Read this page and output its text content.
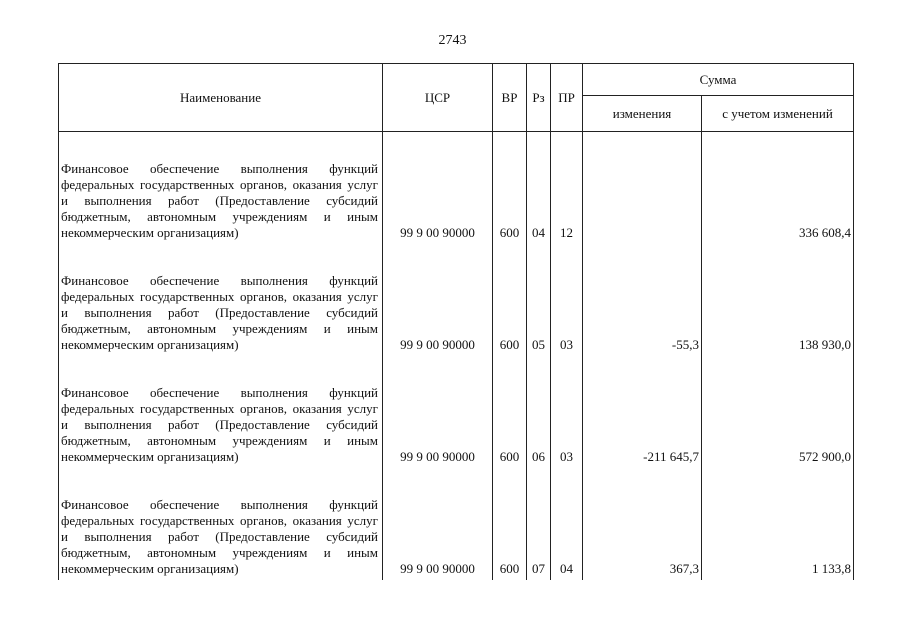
2743
Наименование	ЦСР	ВР	Рз	ПР	Сумма	
					изменения	с учетом изменений
Финансовое обеспечение выполнения функций федеральных государственных органов, оказания услуг и выполнения работ (Предоставление субсидий бюджетным, автономным учреждениям и иным некоммерческим организациям)	99 9 00 90000	600	04	12		336 608,4
Финансовое обеспечение выполнения функций федеральных государственных органов, оказания услуг и выполнения работ (Предоставление субсидий бюджетным, автономным учреждениям и иным некоммерческим организациям)	99 9 00 90000	600	05	03	-55,3	138 930,0
Финансовое обеспечение выполнения функций федеральных государственных органов, оказания услуг и выполнения работ (Предоставление субсидий бюджетным, автономным учреждениям и иным некоммерческим организациям)	99 9 00 90000	600	06	03	-211 645,7	572 900,0
Финансовое обеспечение выполнения функций федеральных государственных органов, оказания услуг и выполнения работ (Предоставление субсидий бюджетным, автономным учреждениям и иным некоммерческим организациям)	99 9 00 90000	600	07	04	367,3	1 133,8
